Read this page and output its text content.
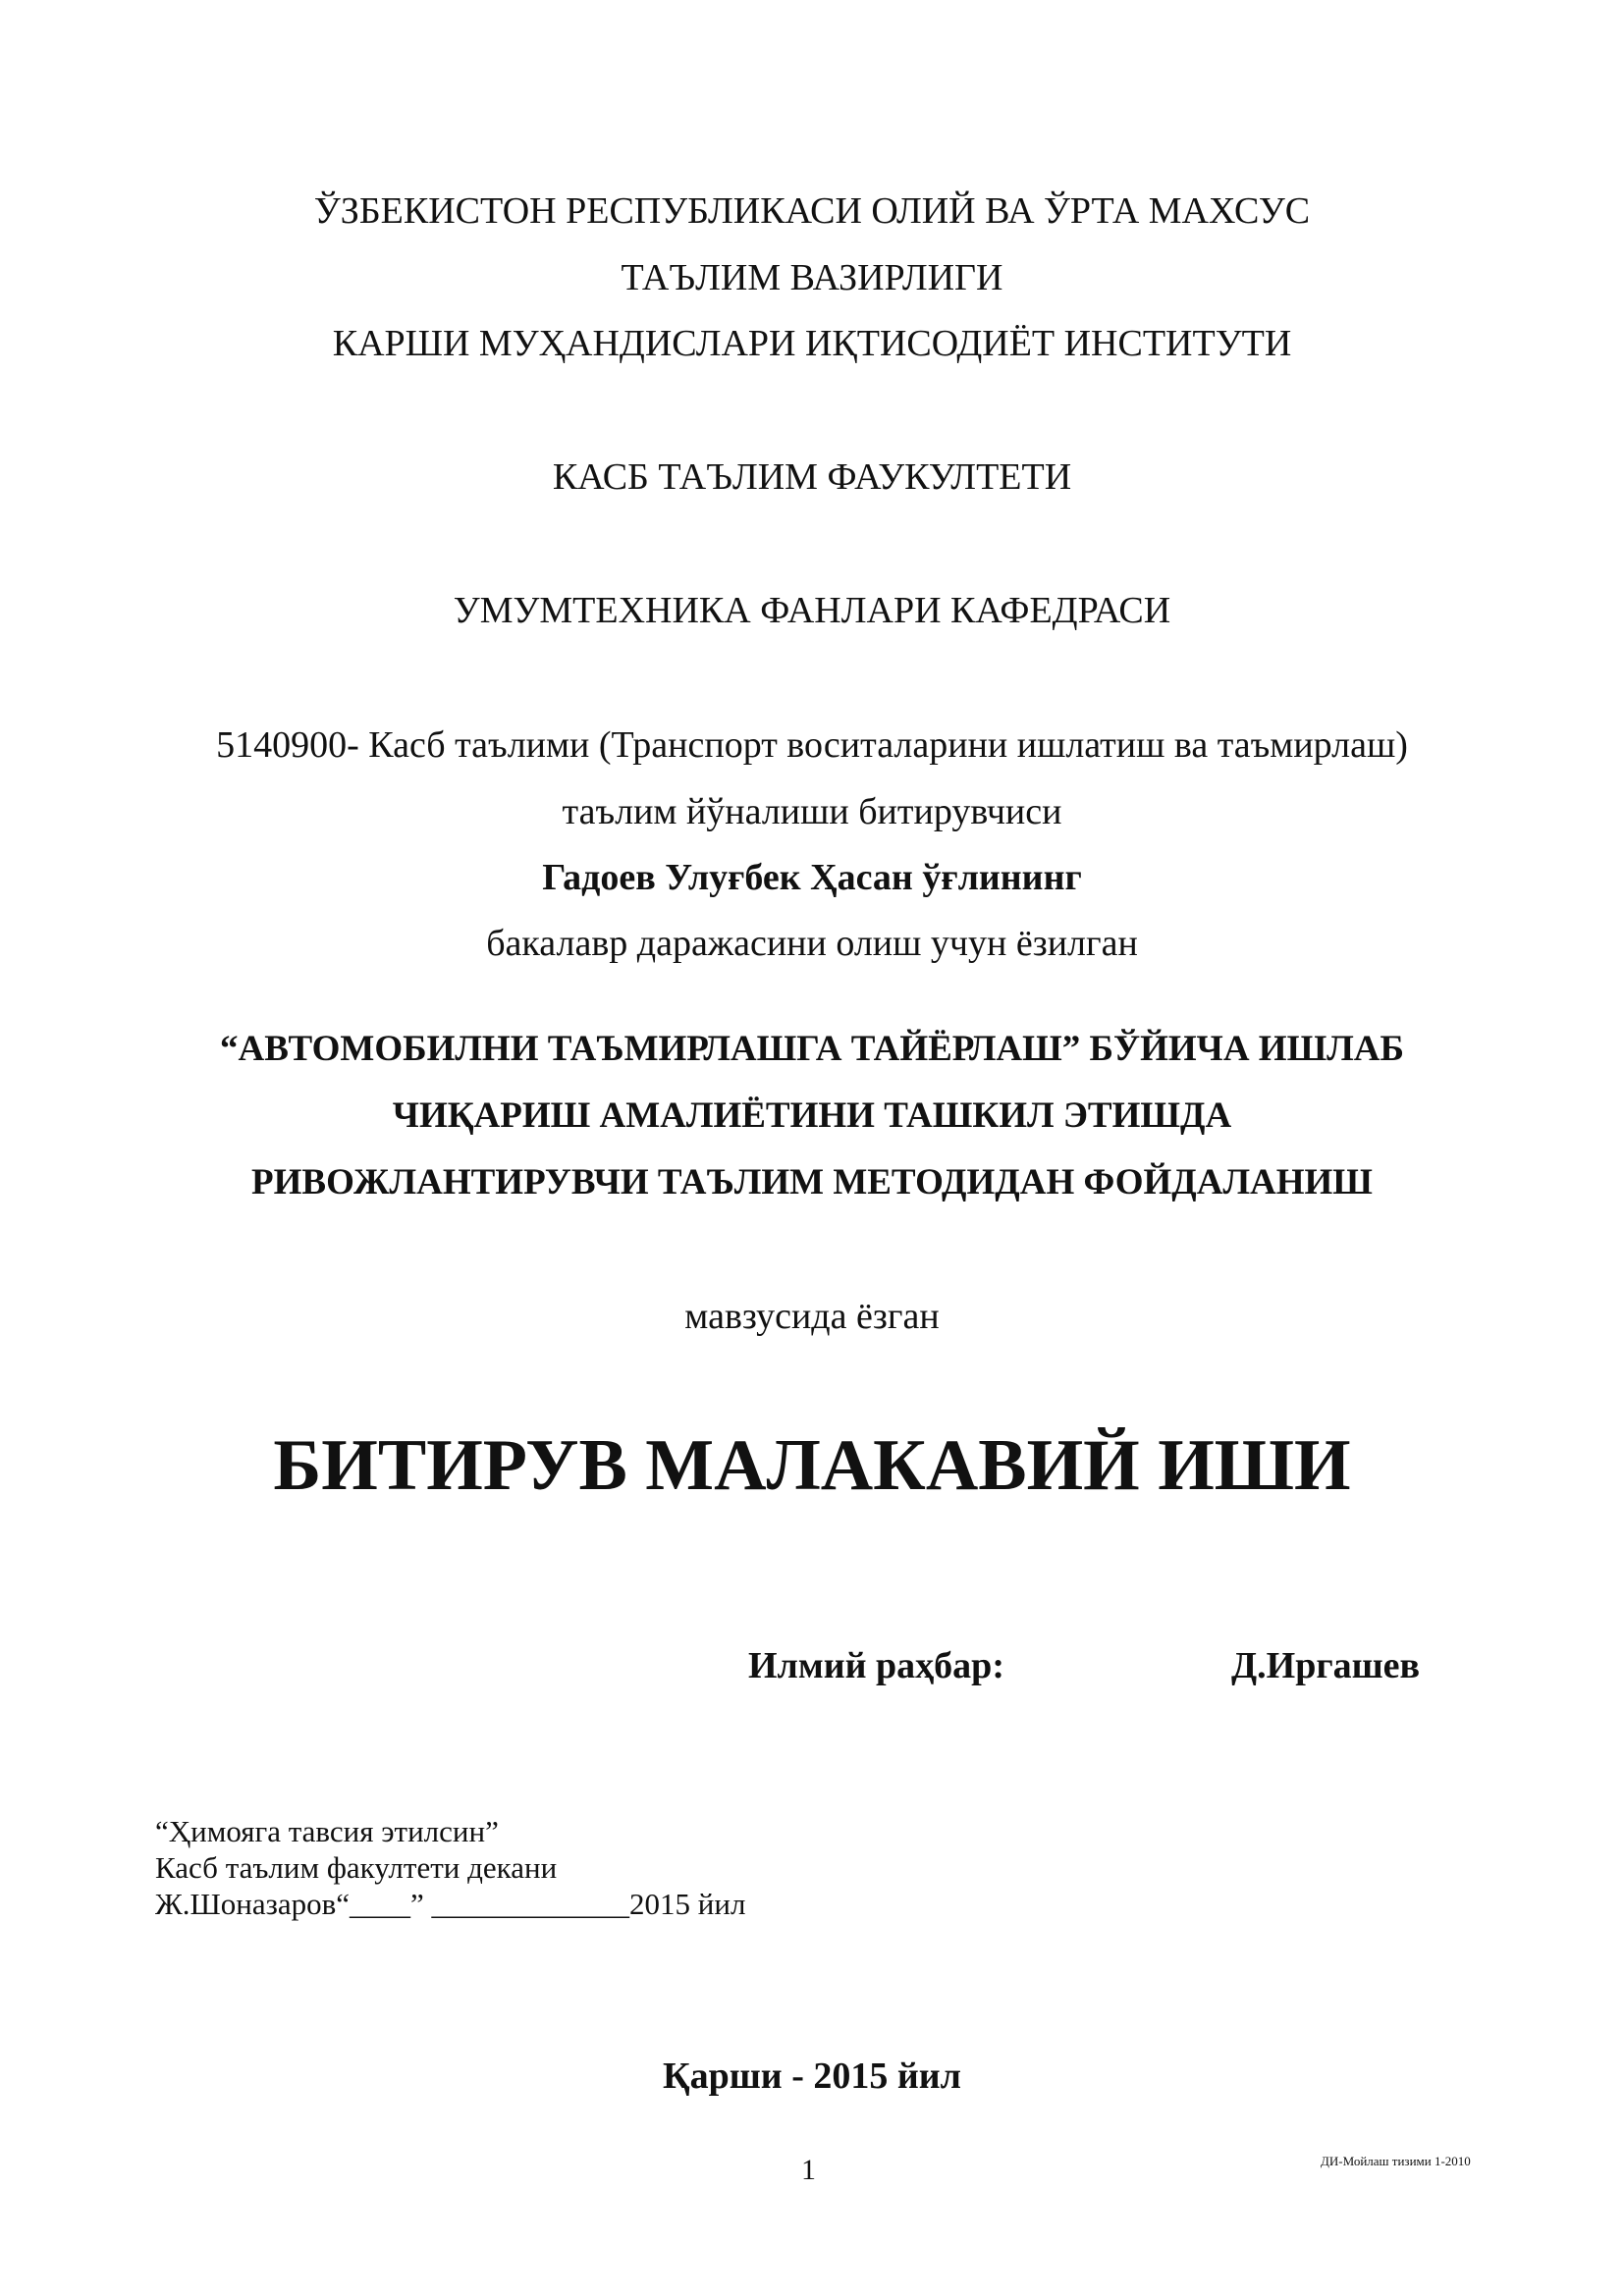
ЎЗБЕКИСТОН РЕСПУБЛИКАСИ ОЛИЙ ВА ЎРТА МАХСУС
ТАЪЛИМ ВАЗИРЛИГИ
КАРШИ МУҲАНДИСЛАРИ ИҚТИСОДИЁТ ИНСТИТУТИ
КАСБ ТАЪЛИМ ФАУКУЛТЕТИ
УМУМТЕХНИКА ФАНЛАРИ КАФЕДРАСИ
5140900- Касб таълими (Транспорт воситаларини ишлатиш ва таъмирлаш)
таълим йўналиши битирувчиси
Гадоев Улуғбек Ҳасан ўғлининг
бакалавр даражасини олиш учун ёзилган
“АВТОМОБИЛНИ ТАЪМИРЛАШГА ТАЙЁРЛАШ” БЎЙИЧА ИШЛАБ
ЧИҚАРИШ АМАЛИЁТИНИ ТАШКИЛ ЭТИШДА
РИВОЖЛАНТИРУВЧИ ТАЪЛИМ МЕТОДИДАН ФОЙДАЛАНИШ
мавзусида ёзган
БИТИРУВ МАЛАКАВИЙ ИШИ
Илмий раҳбар:	Д.Иргашев
“Ҳимояга тавсия этилсин”
Касб таълим факултети декани
Ж.Шоназаров“____” _____________2015 йил
Қарши - 2015 йил
1	ДИ-Мойлаш тизими 1-2010
